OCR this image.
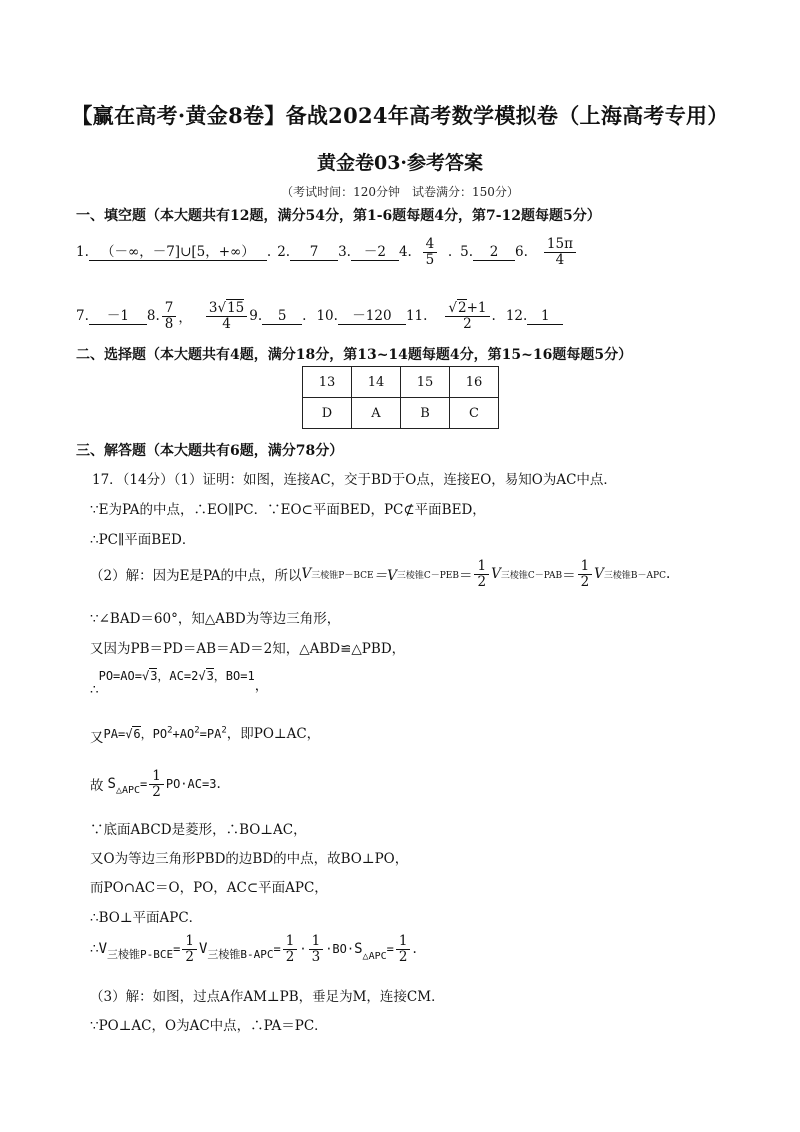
【赢在高考·黄金8卷】备战2024年高考数学模拟卷（上海高考专用）
黄金卷03·参考答案
（考试时间：120分钟　试卷满分：150分）
一、填空题（本大题共有12题，满分54分，第1-6题每题4分，第7-12题每题5分）
1. （－∞，－7]∪[5，+∞） . 2.	7	3. －2 4. $\frac{4}{5}$ . 5.	2	6. $\frac{15\pi}{4}$
7.	－1	8. $\frac{7}{8}$ ， $\frac{3√15}{4} 9$.	5	. 10.	－120	11. $\frac{√2+1}{2}$ . 12.	1
二、选择题（本大题共有4题，满分18分，第13~14题每题4分，第15~16题每题5分）
13	14	15	16
D	A	B	C
三、解答题（本大题共有6题，满分78分）
17．（14分）（1）证明：如图，连接AC，交于BD于O点，连接EO，易知O为AC中点．
∵E为PA的中点，∴EO∥PC．∵EO⊂平面BED，PC⊄平面BED，
∴PC∥平面BED．
（2）解：因为E是PA的中点，所以 V 三棱锥P－BCE ＝V 三棱锥$C-PEB = \frac{1}{2}$ V 三棱锥$C-PAB = \frac{1}{2}$ V 三棱锥B－APC .
∵∠BAD＝60°，知△ABD为等边三角形，
又因为PB＝PD＝AB＝AD＝2知，△ABD≌△PBD，
∴PO=AO=√3，AC=2√3，BO=1，
又PA=√6，$PO^2+AO^2=PA^2$，即PO⊥AC，
故 $S_{\triangle APC} = \frac{1}{2} PO\cdot AC=3$ .
∵底面ABCD是菱形，∴BO⊥AC，
又O为等边三角形PBD的边BD的中点，故BO⊥PO，
而PO∩AC＝O，PO，AC⊂平面APC，
∴BO⊥平面APC．
∴ V 三棱锥$P-BCE = \frac{1}{2}$ V 三棱锥$B-APC = \frac{1}{2} \cdot \frac{1}{3} \cdot BO\cdot S$ △APC
= $\frac{1}{2}$ .
（3）解：如图，过点A作AM⊥PB，垂足为M，连接CM．
∵PO⊥AC，O为AC中点，∴PA＝PC．
